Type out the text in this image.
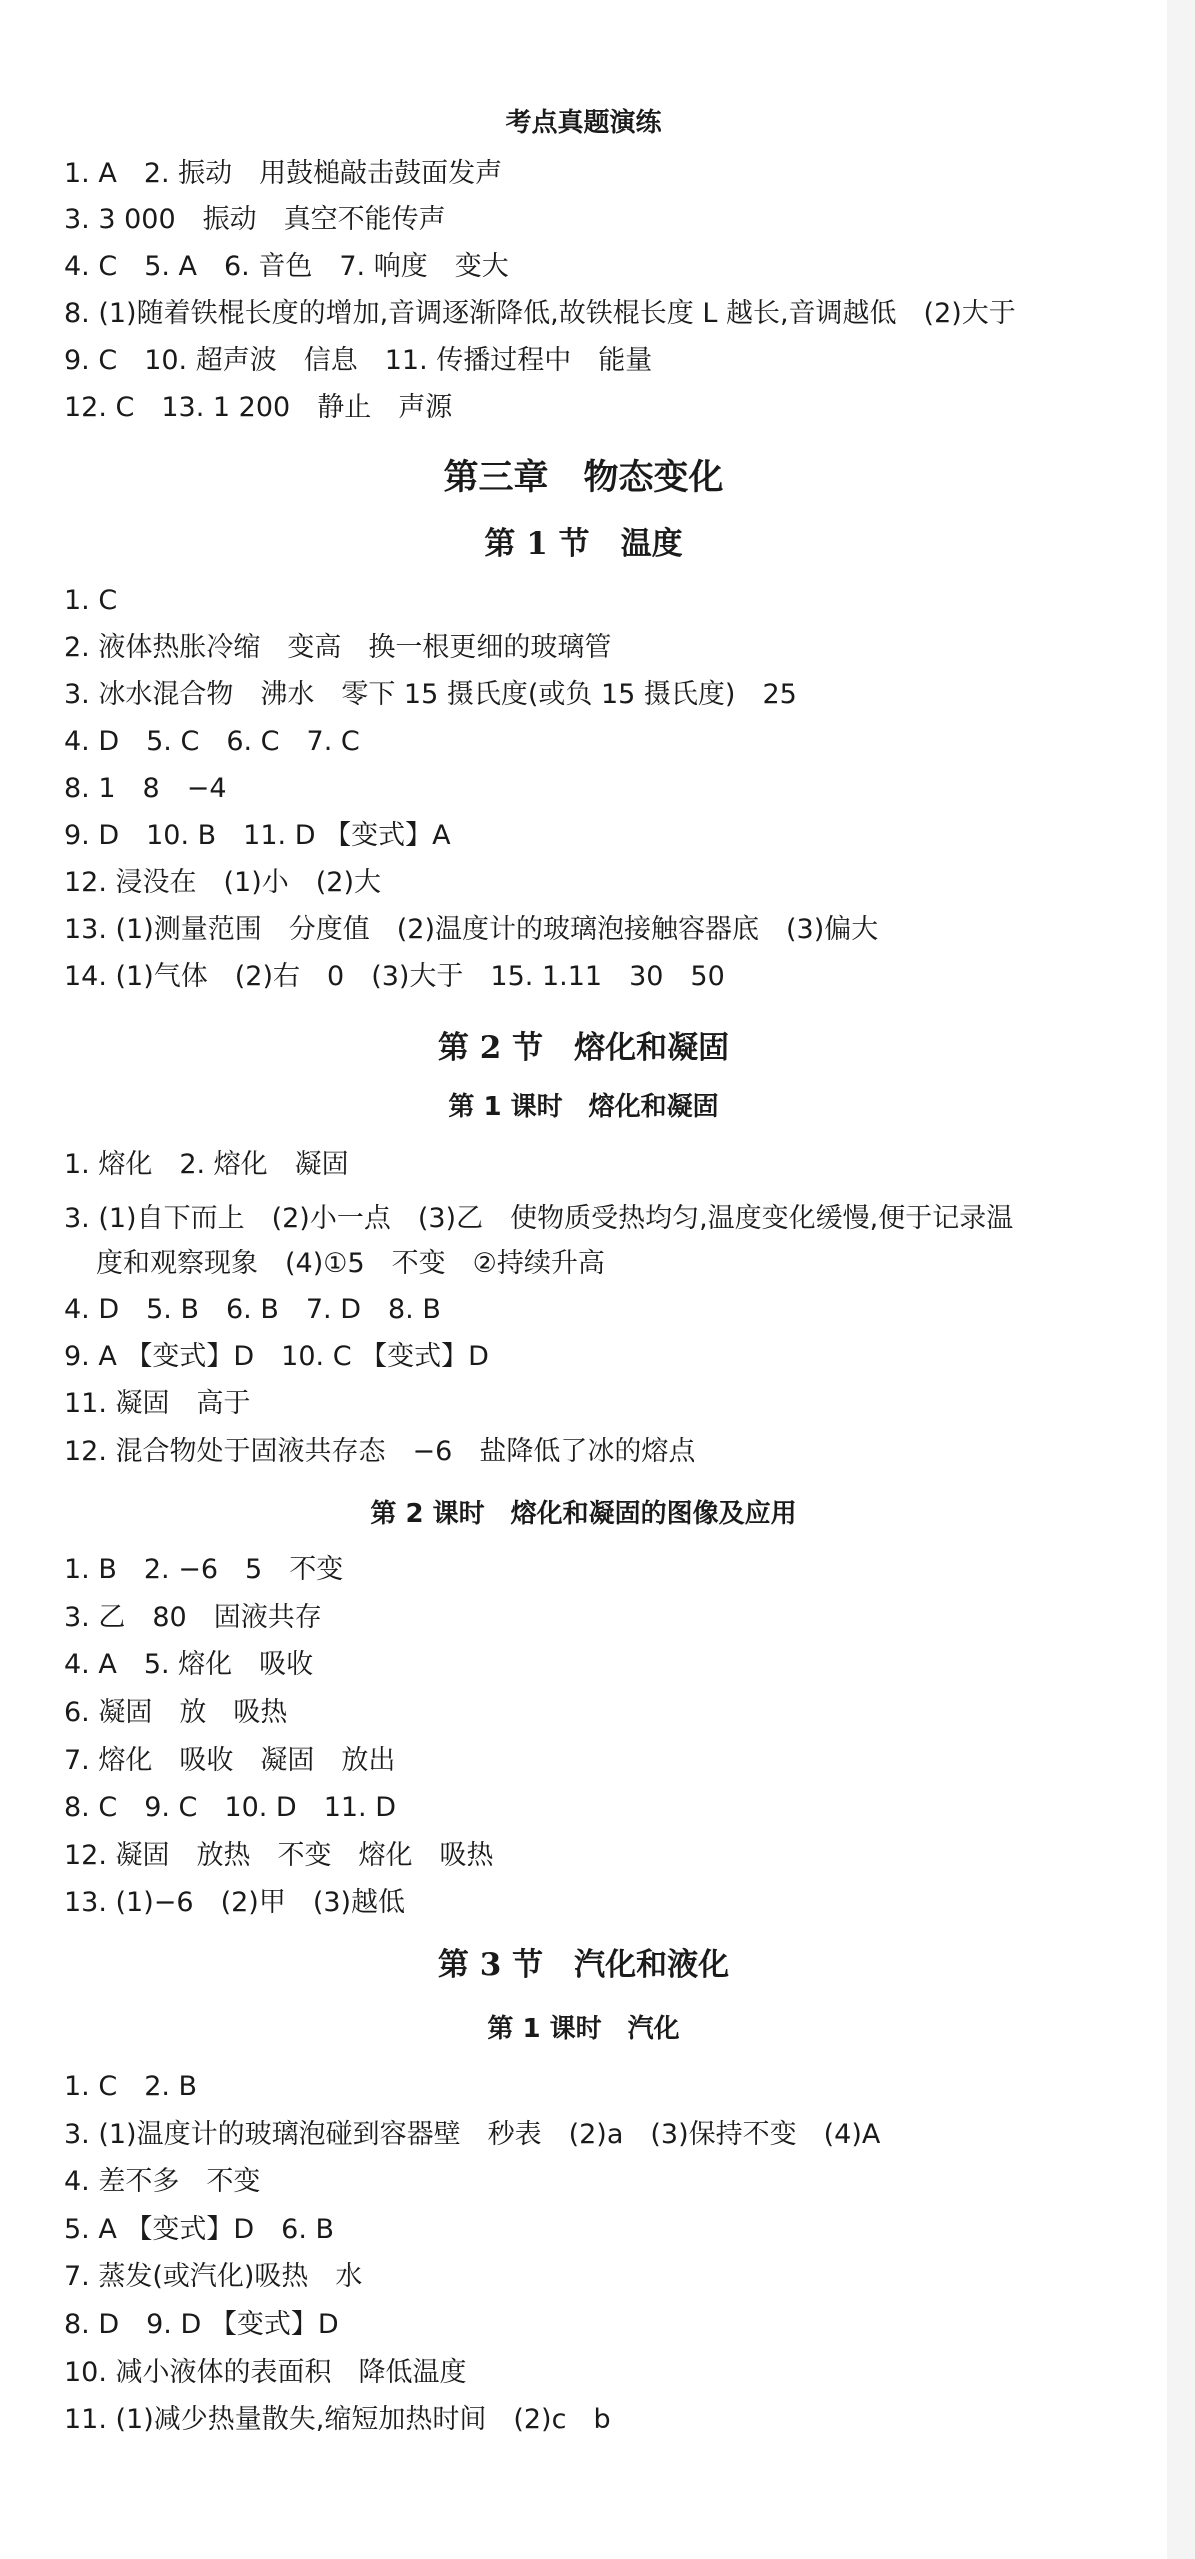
考点真题演练
1. A　2. 振动　用鼓槌敲击鼓面发声
3. 3 000　振动　真空不能传声
4. C　5. A　6. 音色　7. 响度　变大
8. (1)随着铁棍长度的增加,音调逐渐降低,故铁棍长度 L 越长,音调越低　(2)大于
9. C　10. 超声波　信息　11. 传播过程中　能量
12. C　13. 1 200　静止　声源
第三章　物态变化
第 1 节　温度
1. C
2. 液体热胀冷缩　变高　换一根更细的玻璃管
3. 冰水混合物　沸水　零下 15 摄氏度(或负 15 摄氏度)　25
4. D　5. C　6. C　7. C
8. 1　8　−4
9. D　10. B　11. D 【变式】A
12. 浸没在　(1)小　(2)大
13. (1)测量范围　分度值　(2)温度计的玻璃泡接触容器底　(3)偏大
14. (1)气体　(2)右　0　(3)大于　15. 1.11　30　50
第 2 节　熔化和凝固
第 1 课时　熔化和凝固
1. 熔化　2. 熔化　凝固
3. (1)自下而上　(2)小一点　(3)乙　使物质受热均匀,温度变化缓慢,便于记录温
度和观察现象　(4)①5　不变　②持续升高
4. D　5. B　6. B　7. D　8. B
9. A 【变式】D　10. C 【变式】D
11. 凝固　高于
12. 混合物处于固液共存态　−6　盐降低了冰的熔点
第 2 课时　熔化和凝固的图像及应用
1. B　2. −6　5　不变
3. 乙　80　固液共存
4. A　5. 熔化　吸收
6. 凝固　放　吸热
7. 熔化　吸收　凝固　放出
8. C　9. C　10. D　11. D
12. 凝固　放热　不变　熔化　吸热
13. (1)−6　(2)甲　(3)越低
第 3 节　汽化和液化
第 1 课时　汽化
1. C　2. B
3. (1)温度计的玻璃泡碰到容器壁　秒表　(2)a　(3)保持不变　(4)A
4. 差不多　不变
5. A 【变式】D　6. B
7. 蒸发(或汽化)吸热　水
8. D　9. D 【变式】D
10. 减小液体的表面积　降低温度
11. (1)减少热量散失,缩短加热时间　(2)c　b
